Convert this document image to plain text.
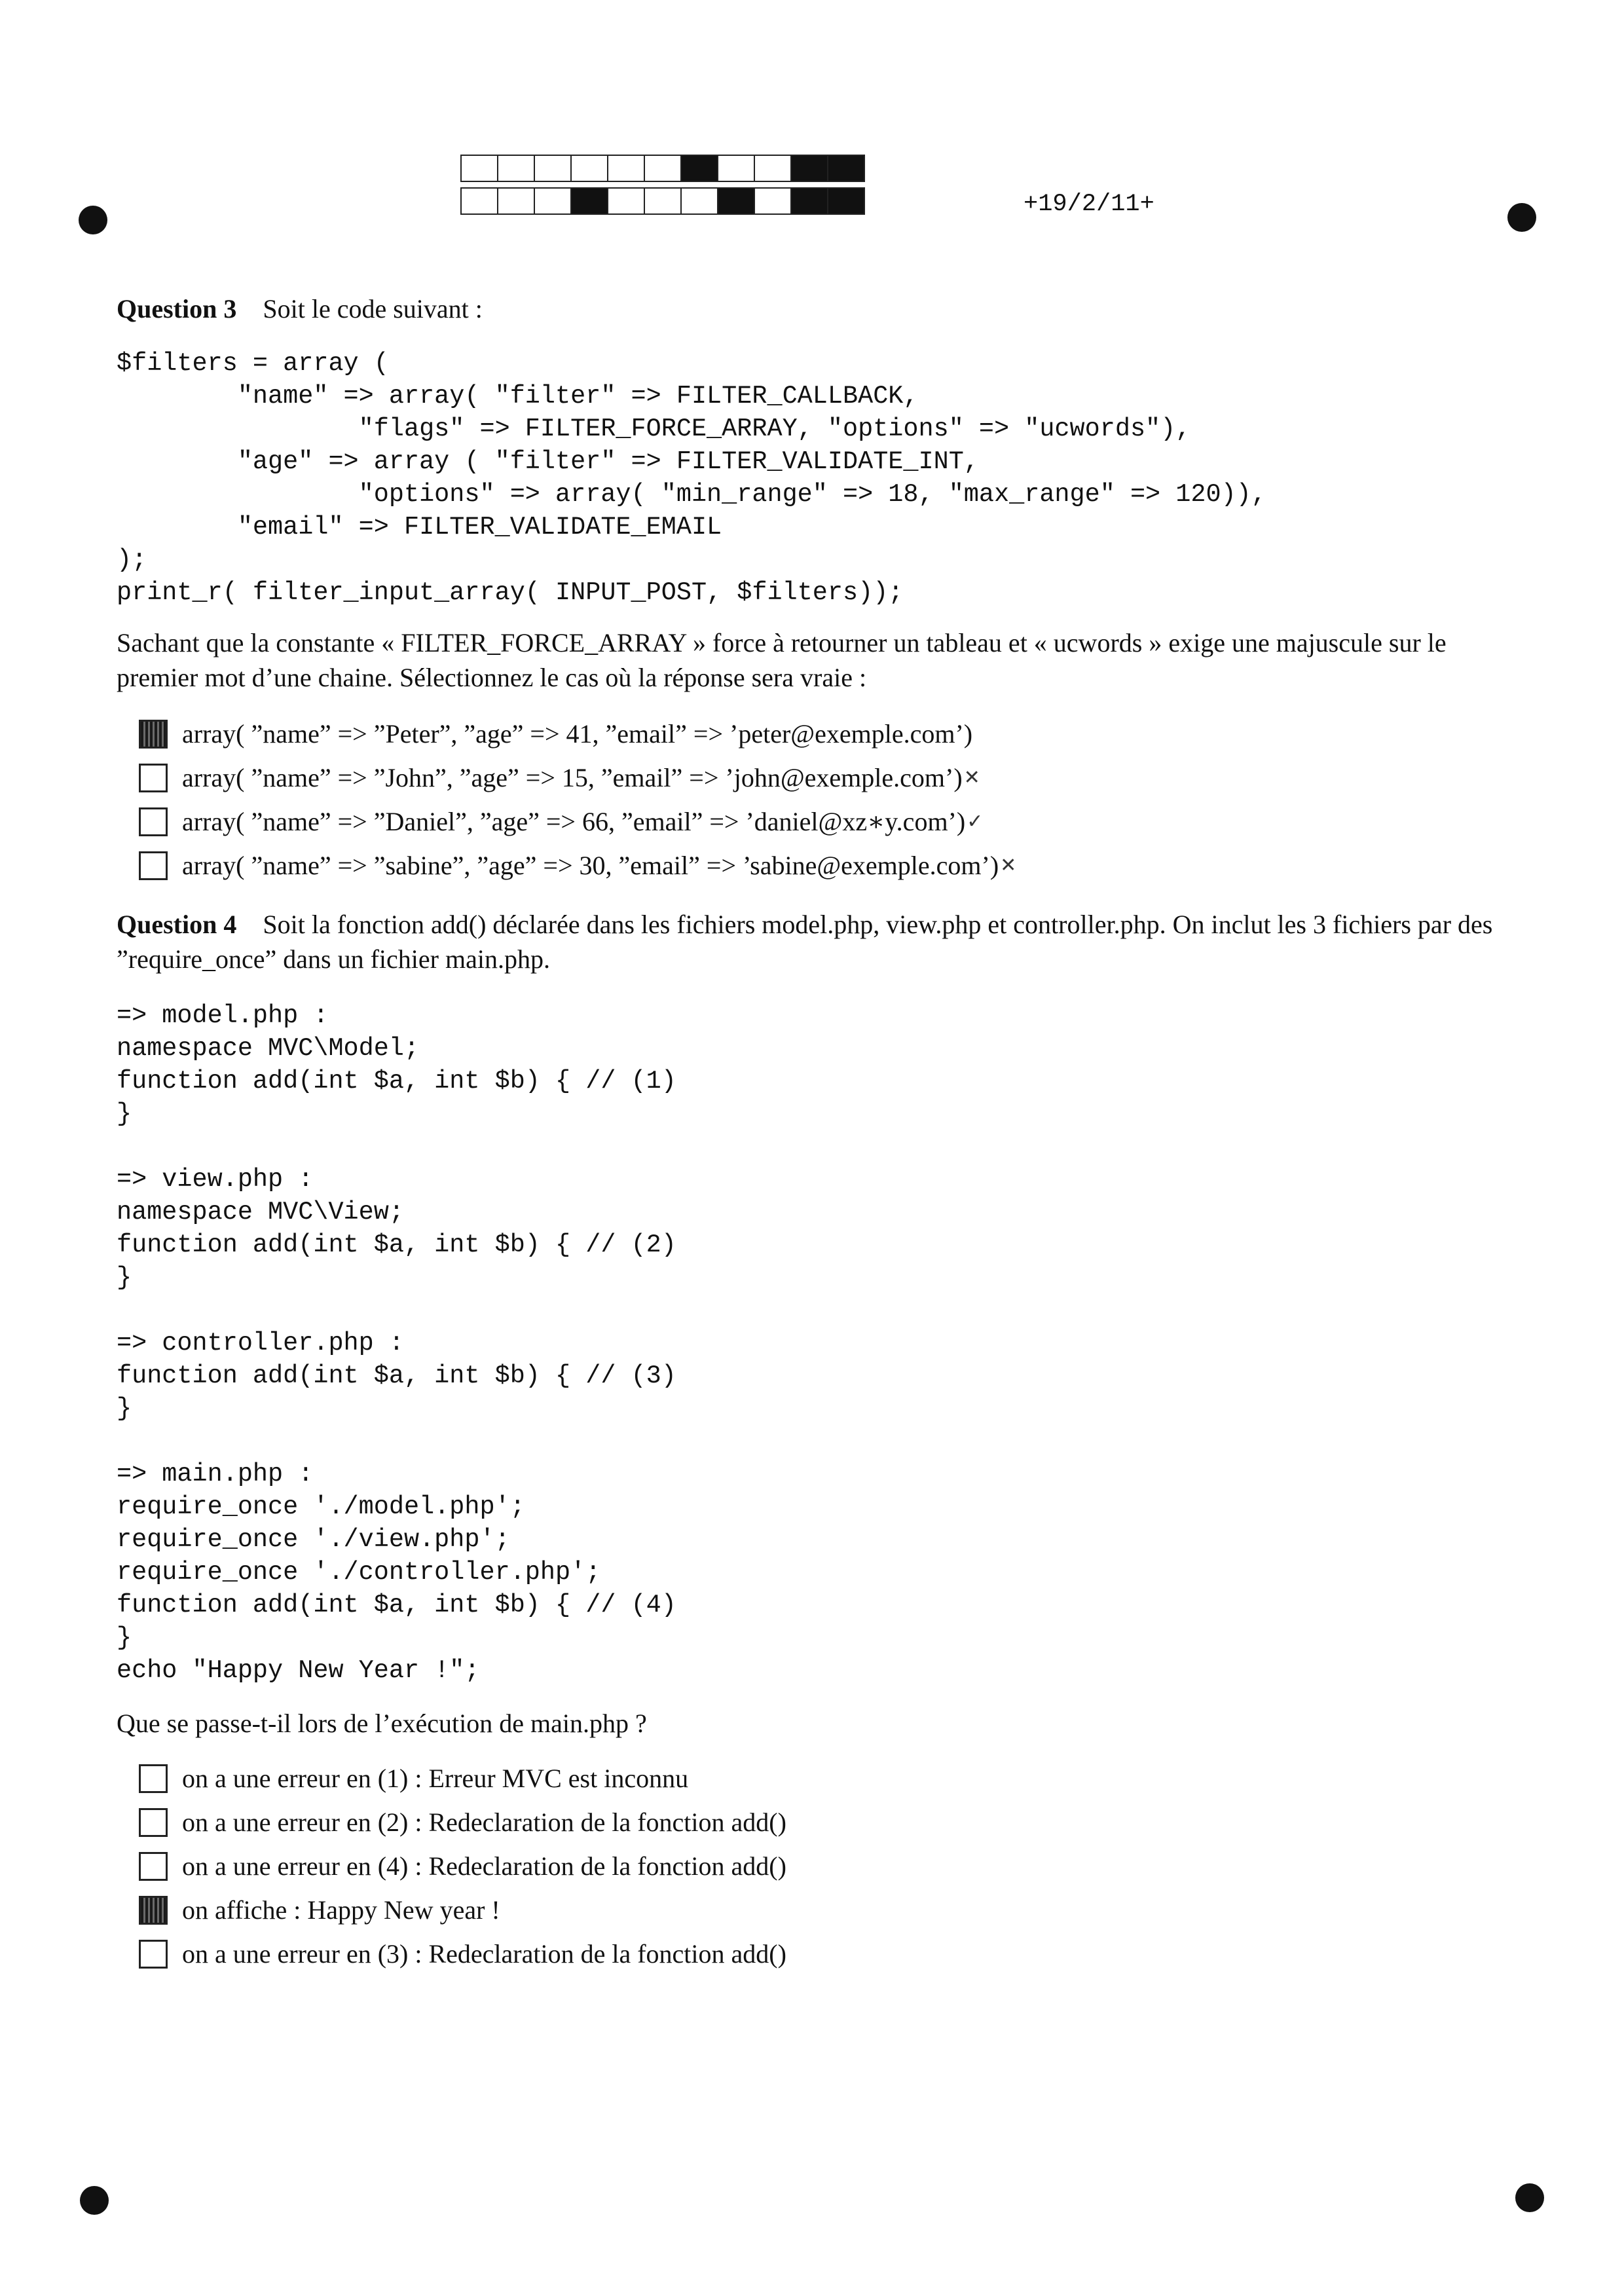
+19/2/11+
Question 3 Soit le code suivant :
$filters = array (
"name" => array( "filter" => FILTER_CALLBACK,
"flags" => FILTER_FORCE_ARRAY, "options" => "ucwords"),
"age" => array ( "filter" => FILTER_VALIDATE_INT,
"options" => array( "min_range" => 18, "max_range" => 120)),
"email" => FILTER_VALIDATE_EMAIL
);
print_r( filter_input_array( INPUT_POST, $filters));
Sachant que la constante « FILTER_FORCE_ARRAY » force à retourner un tableau et « ucwords » exige une majuscule sur le premier mot d’une chaine. Sélectionnez le cas où la réponse sera vraie :
array( ”name” => ”Peter”, ”age” => 41, ”email” => ’peter@exemple.com’)
array( ”name” => ”John”, ”age” => 15, ”email” => ’john@exemple.com’) ✕
array( ”name” => ”Daniel”, ”age” => 66, ”email” => ’daniel@xz∗y.com’) ✓
array( ”name” => ”sabine”, ”age” => 30, ”email” => ’sabine@exemple.com’) ✕
Question 4 Soit la fonction add() déclarée dans les fichiers model.php, view.php et controller.php. On inclut les 3 fichiers par des ”require_once” dans un fichier main.php.
=> model.php :
namespace MVC\Model;
function add(int $a, int $b) { // (1)
}

=> view.php :
namespace MVC\View;
function add(int $a, int $b) { // (2)
}

=> controller.php :
function add(int $a, int $b) { // (3)
}

=> main.php :
require_once './model.php';
require_once './view.php';
require_once './controller.php';
function add(int $a, int $b) { // (4)
}
echo "Happy New Year !";
Que se passe-t-il lors de l’exécution de main.php ?
on a une erreur en (1) : Erreur MVC est inconnu
on a une erreur en (2) : Redeclaration de la fonction add()
on a une erreur en (4) : Redeclaration de la fonction add()
on affiche : Happy New year !
on a une erreur en (3) : Redeclaration de la fonction add()
